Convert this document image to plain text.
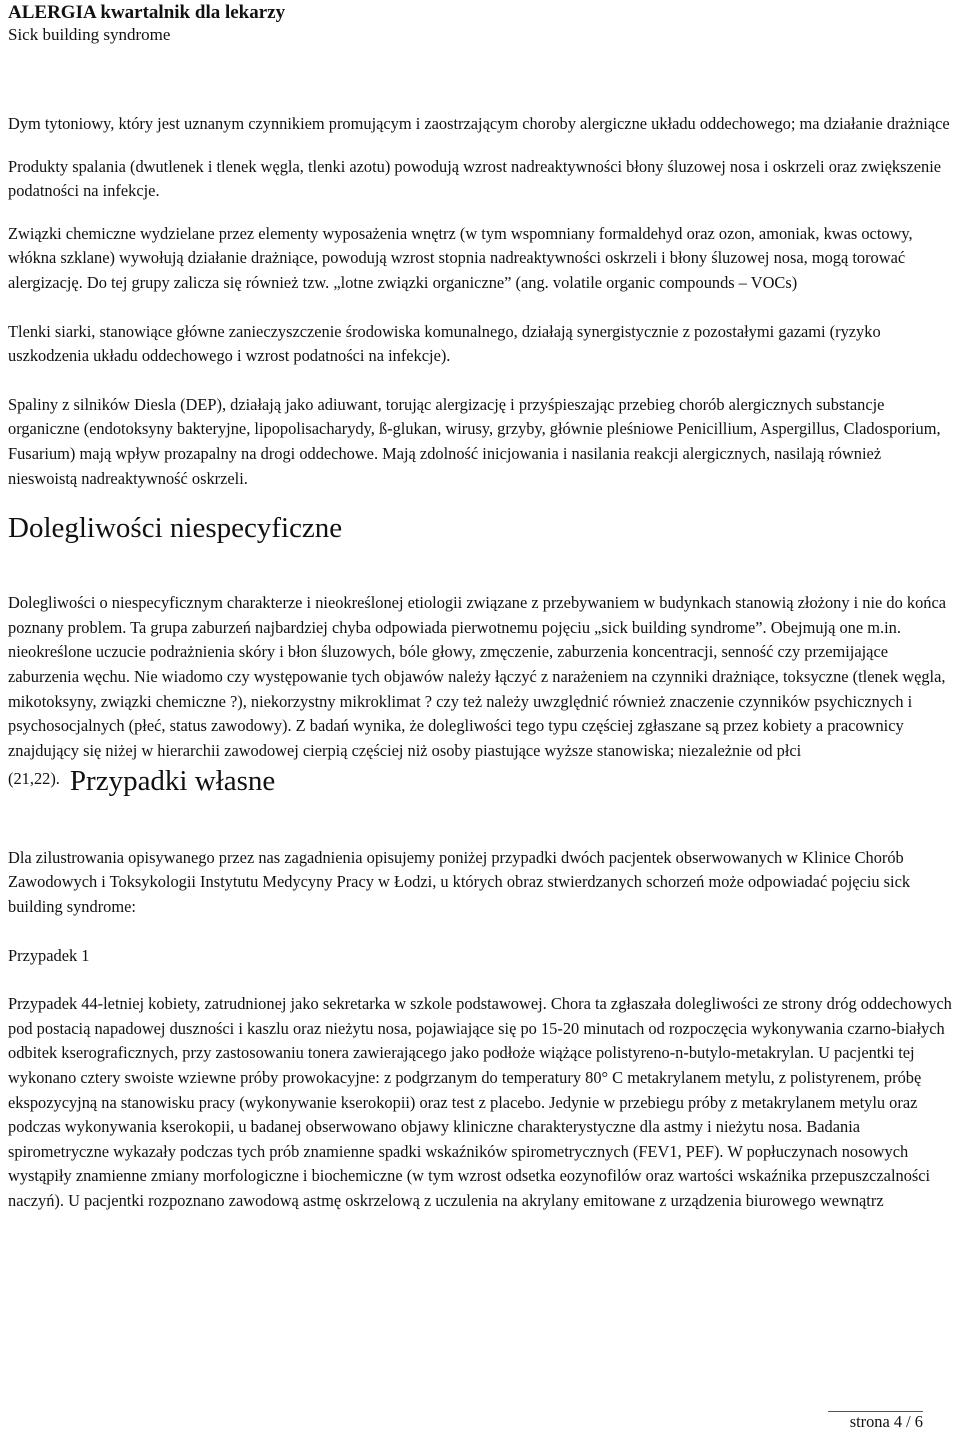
ALERGIA kwartalnik dla lekarzy
Sick building syndrome

Dym tytoniowy, który jest uznanym czynnikiem promującym i zaostrzającym choroby alergiczne układu oddechowego; ma działanie drażniące

Produkty spalania (dwutlenek i tlenek węgla, tlenki azotu) powodują wzrost nadreaktywności błony śluzowej nosa i oskrzeli oraz zwiększenie podatności na infekcje.

Związki chemiczne wydzielane przez elementy wyposażenia wnętrz (w tym wspomniany formaldehyd oraz ozon, amoniak, kwas octowy, włókna szklane) wywołują działanie drażniące, powodują wzrost stopnia nadreaktywności oskrzeli i błony śluzowej nosa, mogą torować alergizację. Do tej grupy zalicza się również tzw. „lotne związki organiczne” (ang. volatile organic compounds – VOCs)

Tlenki siarki, stanowiące główne zanieczyszczenie środowiska komunalnego, działają synergistycznie z pozostałymi gazami (ryzyko uszkodzenia układu oddechowego i wzrost podatności na infekcje).

Spaliny z silników Diesla (DEP), działają jako adiuwant, torując alergizację i przyśpieszając przebieg chorób alergicznych substancje organiczne (endotoksyny bakteryjne, lipopolisacharydy, ß-glukan, wirusy, grzyby, głównie pleśniowe Penicillium, Aspergillus, Cladosporium, Fusarium) mają wpływ prozapalny na drogi oddechowe. Mają zdolność inicjowania i nasilania reakcji alergicznych, nasilają również nieswoistą nadreaktywność oskrzeli.

Dolegliwości niespecyficzne

Dolegliwości o niespecyficznym charakterze i nieokreślonej etiologii związane z przebywaniem w budynkach stanowią złożony i nie do końca poznany problem. Ta grupa zaburzeń najbardziej chyba odpowiada pierwotnemu pojęciu „sick building syndrome”. Obejmują one m.in. nieokreślone uczucie podrażnienia skóry i błon śluzowych, bóle głowy, zmęczenie, zaburzenia koncentracji, senność czy przemijające zaburzenia węchu. Nie wiadomo czy występowanie tych objawów należy łączyć z narażeniem na czynniki drażniące, toksyczne (tlenek węgla, mikotoksyny, związki chemiczne ?), niekorzystny mikroklimat ? czy też należy uwzględnić również znaczenie czynników psychicznych i psychosocjalnych (płeć, status zawodowy). Z badań wynika, że dolegliwości tego typu częściej zgłaszane są przez kobiety a pracownicy znajdujący się niżej w hierarchii zawodowej cierpią częściej niż osoby piastujące wyższe stanowiska; niezależnie od płci (21,22). Przypadki własne

Dla zilustrowania opisywanego przez nas zagadnienia opisujemy poniżej przypadki dwóch pacjentek obserwowanych w Klinice Chorób Zawodowych i Toksykologii Instytutu Medycyny Pracy w Łodzi, u których obraz stwierdzanych schorzeń może odpowiadać pojęciu sick building syndrome:

Przypadek 1

Przypadek 44-letniej kobiety, zatrudnionej jako sekretarka w szkole podstawowej. Chora ta zgłaszała dolegliwości ze strony dróg oddechowych pod postacią napadowej duszności i kaszlu oraz nieżytu nosa, pojawiające się po 15-20 minutach od rozpoczęcia wykonywania czarno-białych odbitek kserograficznych, przy zastosowaniu tonera zawierającego jako podłoże wiążące polistyreno-n-butylo-metakrylan. U pacjentki tej wykonano cztery swoiste wziewne próby prowokacyjne: z podgrzanym do temperatury 80° C metakrylanem metylu, z polistyrenem, próbę ekspozycyjną na stanowisku pracy (wykonywanie kserokopii) oraz test z placebo. Jedynie w przebiegu próby z metakrylanem metylu oraz podczas wykonywania kserokopii, u badanej obserwowano objawy kliniczne charakterystyczne dla astmy i nieżytu nosa. Badania spirometryczne wykazały podczas tych prób znamienne spadki wskaźników spirometrycznych (FEV1, PEF). W popłuczynach nosowych wystąpiły znamienne zmiany morfologiczne i biochemiczne (w tym wzrost odsetka eozynofilów oraz wartości wskaźnika przepuszczalności naczyń). U pacjentki rozpoznano zawodową astmę oskrzelową z uczulenia na akrylany emitowane z urządzenia biurowego wewnątrz

strona 4 / 6
